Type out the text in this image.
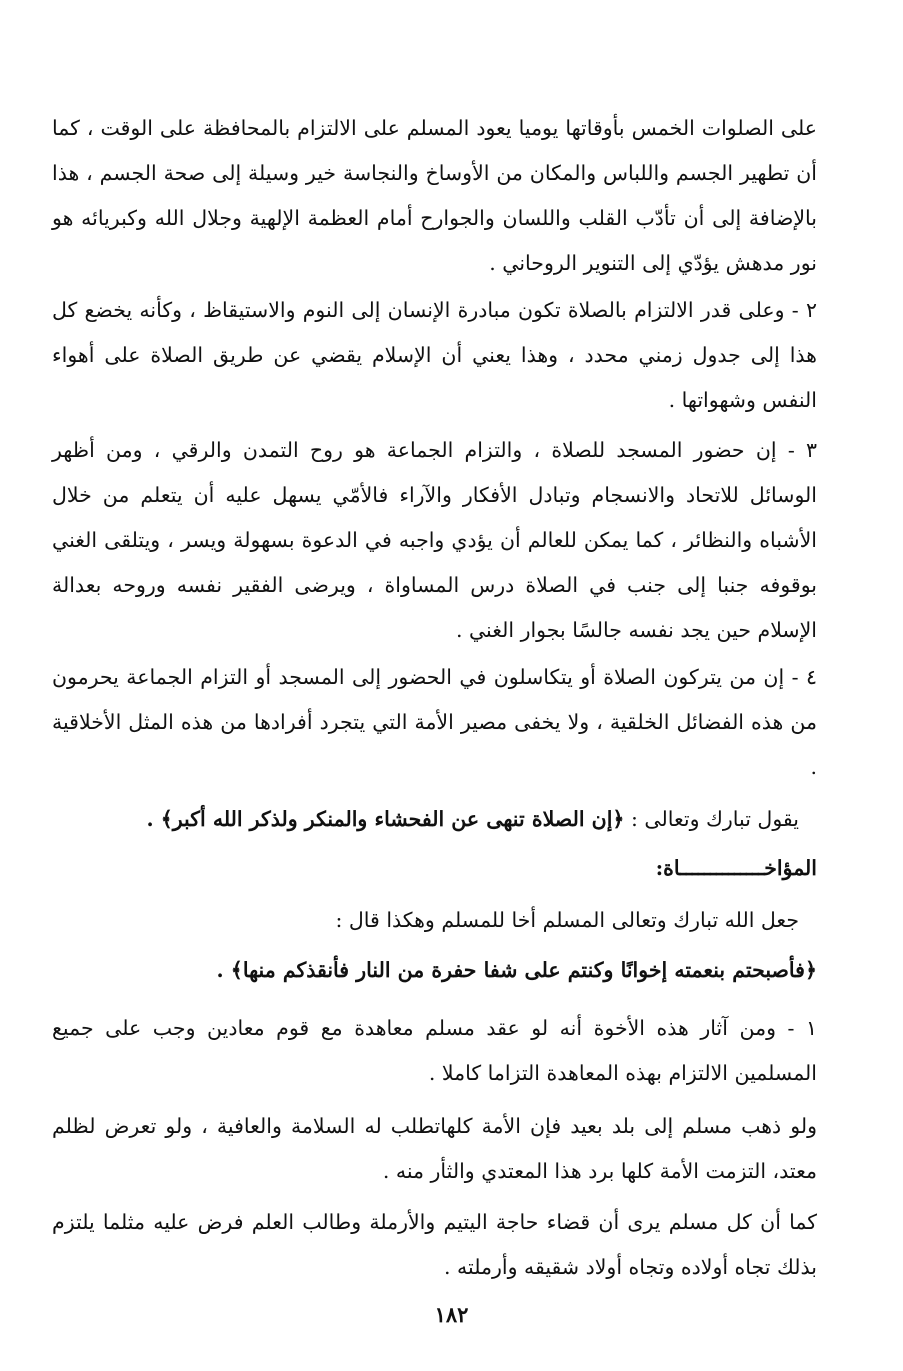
على الصلوات الخمس بأوقاتها يوميا يعود المسلم على الالتزام بالمحافظة على الوقت ، كما أن تطهير الجسم واللباس والمكان من الأوساخ والنجاسة خير وسيلة إلى صحة الجسم ، هذا بالإضافة إلى أن تأدّب القلب واللسان والجوارح أمام العظمة الإلهية وجلال الله وكبريائه هو نور مدهش يؤدّي إلى التنوير الروحاني .

٢ - وعلى قدر الالتزام بالصلاة تكون مبادرة الإنسان إلى النوم والاستيقاظ ، وكأنه يخضع كل هذا إلى جدول زمني محدد ، وهذا يعني أن الإسلام يقضي عن طريق الصلاة على أهواء النفس وشهواتها .

٣ - إن حضور المسجد للصلاة ، والتزام الجماعة هو روح التمدن والرقي ، ومن أظهر الوسائل للاتحاد والانسجام وتبادل الأفكار والآراء فالأمّي يسهل عليه أن يتعلم من خلال الأشباه والنظائر ، كما يمكن للعالم أن يؤدي واجبه في الدعوة بسهولة ويسر ، ويتلقى الغني بوقوفه جنبا إلى جنب في الصلاة درس المساواة ، ويرضى الفقير نفسه وروحه بعدالة الإسلام حين يجد نفسه جالسًا بجوار الغني .

٤ - إن من يتركون الصلاة أو يتكاسلون في الحضور إلى المسجد أو التزام الجماعة يحرمون من هذه الفضائل الخلقية ، ولا يخفى مصير الأمة التي يتجرد أفرادها من هذه المثل الأخلاقية .

يقول تبارك وتعالى : ﴿إن الصلاة تنهى عن الفحشاء والمنكر ولذكر الله أكبر﴾ .

المؤاخــــــــــــــاة:

جعل الله تبارك وتعالى المسلم أخا للمسلم وهكذا قال :

﴿فأصبحتم بنعمته إخوانًا وكنتم على شفا حفرة من النار فأنقذكم منها﴾ .

١ - ومن آثار هذه الأخوة أنه لو عقد مسلم معاهدة مع قوم معادين وجب على جميع المسلمين الالتزام بهذه المعاهدة التزاما كاملا .

ولو ذهب مسلم إلى بلد بعيد فإن الأمة كلهاتطلب له السلامة والعافية ، ولو تعرض لظلم معتد، التزمت الأمة كلها برد هذا المعتدي والثأر منه .

كما أن كل مسلم يرى أن قضاء حاجة اليتيم والأرملة وطالب العلم فرض عليه مثلما يلتزم بذلك تجاه أولاده وتجاه أولاد شقيقه وأرملته .

١٨٢
